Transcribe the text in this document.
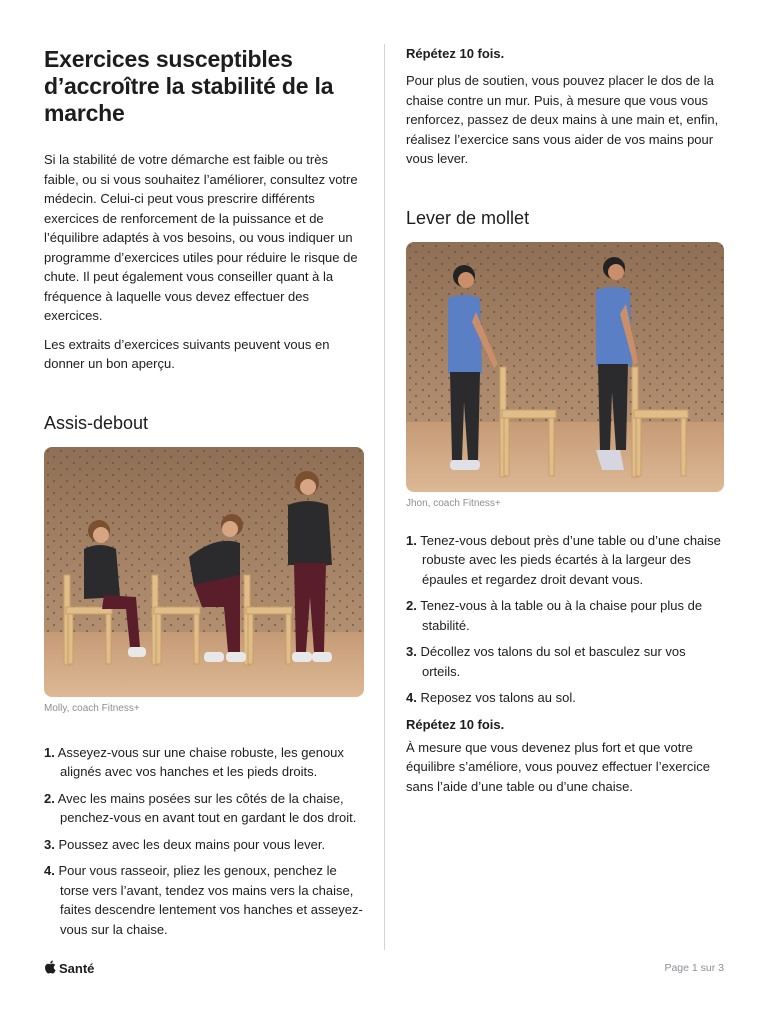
Exercices susceptibles d’accroître la stabilité de la marche

Si la stabilité de votre démarche est faible ou très faible, ou si vous souhaitez l’améliorer, consultez votre médecin. Celui-ci peut vous prescrire différents exercices de renforcement de la puissance et de l’équilibre adaptés à vos besoins, ou vous indiquer un programme d’exercices utiles pour réduire le risque de chute. Il peut également vous conseiller quant à la fréquence à laquelle vous devez effectuer des exercices.

Les extraits d’exercices suivants peuvent vous en donner un bon aperçu.

Assis-debout

Molly, coach Fitness+

1. Asseyez-vous sur une chaise robuste, les genoux alignés avec vos hanches et les pieds droits.
2. Avec les mains posées sur les côtés de la chaise, penchez-vous en avant tout en gardant le dos droit.
3. Poussez avec les deux mains pour vous lever.
4. Pour vous rasseoir, pliez les genoux, penchez le torse vers l’avant, tendez vos mains vers la chaise, faites descendre lentement vos hanches et asseyez-vous sur la chaise.

Répétez 10 fois.

Pour plus de soutien, vous pouvez placer le dos de la chaise contre un mur. Puis, à mesure que vous vous renforcez, passez de deux mains à une main et, enfin, réalisez l’exercice sans vous aider de vos mains pour vous lever.

Lever de mollet

Jhon, coach Fitness+

1. Tenez-vous debout près d’une table ou d’une chaise robuste avec les pieds écartés à la largeur des épaules et regardez droit devant vous.
2. Tenez-vous à la table ou à la chaise pour plus de stabilité.
3. Décollez vos talons du sol et basculez sur vos orteils.
4. Reposez vos talons au sol.

Répétez 10 fois.

À mesure que vous devenez plus fort et que votre équilibre s’améliore, vous pouvez effectuer l’exercice sans l’aide d’une table ou d’une chaise.

Santé	Page 1 sur 3
